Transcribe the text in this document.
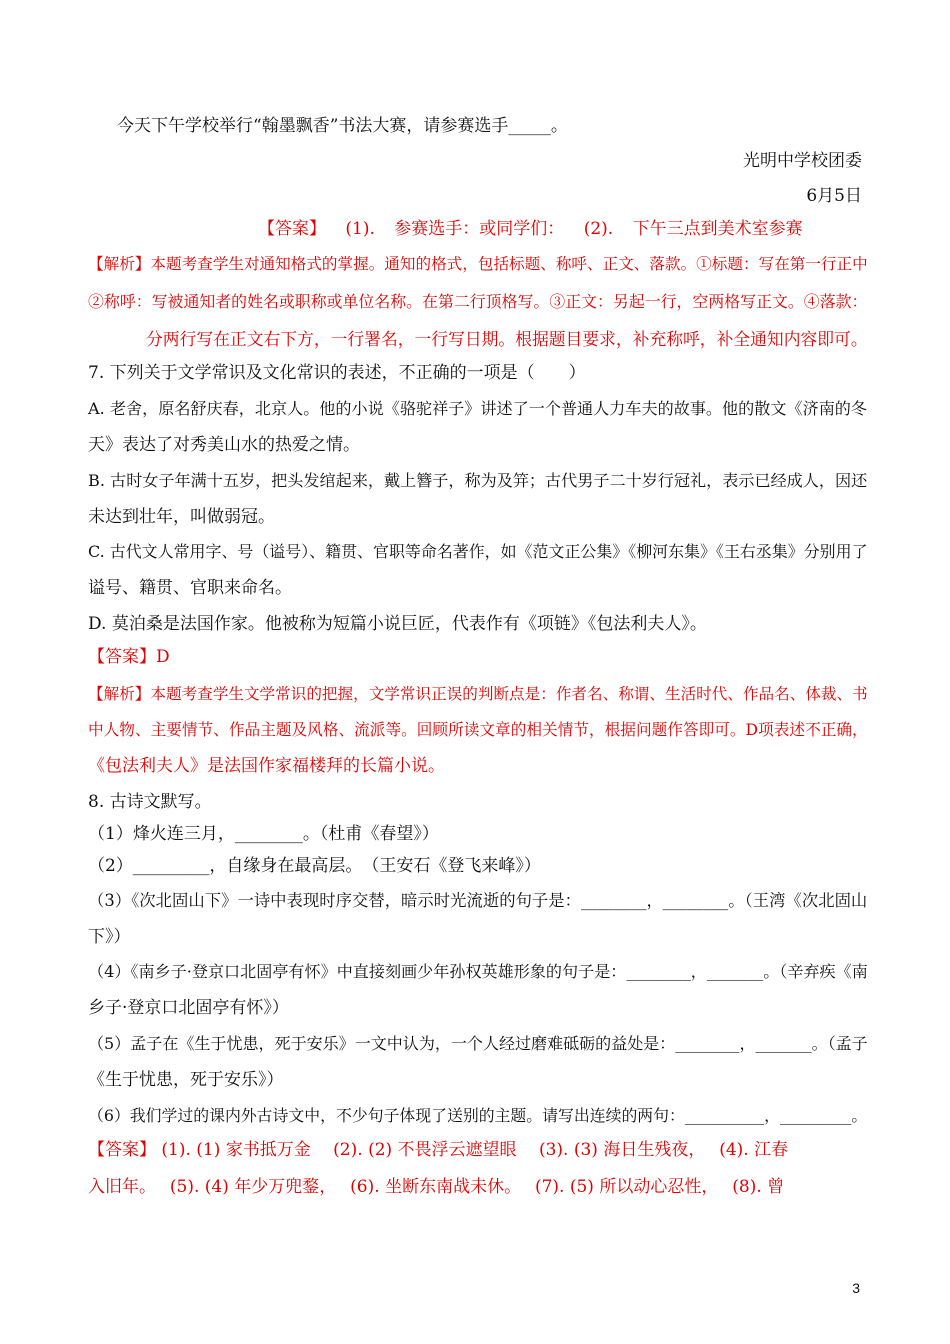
今天下午学校举行“翰墨飘香”书法大赛，请参赛选手_____。
光明中学校团委
6月5日
【答案】 (1). 参赛选手：或同学们： (2). 下午三点到美术室参赛
【解析】本题考查学生对通知格式的掌握。通知的格式，包括标题、称呼、正文、落款。①标题：写在第一行正中
②称呼：写被通知者的姓名或职称或单位名称。在第二行顶格写。③正文：另起一行，空两格写正文。④落款：
分两行写在正文右下方，一行署名，一行写日期。根据题目要求，补充称呼，补全通知内容即可。
7. 下列关于文学常识及文化常识的表述，不正确的一项是（　　）
A. 老舍，原名舒庆春，北京人。他的小说《骆驼祥子》讲述了一个普通人力车夫的故事。他的散文《济南的冬
天》表达了对秀美山水的热爱之情。
B. 古时女子年满十五岁，把头发绾起来，戴上簪子，称为及笄；古代男子二十岁行冠礼，表示已经成人，因还
未达到壮年，叫做弱冠。
C. 古代文人常用字、号（谥号）、籍贯、官职等命名著作，如《范文正公集》《柳河东集》《王右丞集》分别用了
谥号、籍贯、官职来命名。
D. 莫泊桑是法国作家。他被称为短篇小说巨匠，代表作有《项链》《包法利夫人》。
【答案】D
【解析】本题考查学生文学常识的把握，文学常识正误的判断点是：作者名、称谓、生活时代、作品名、体裁、书
中人物、主要情节、作品主题及风格、流派等。回顾所读文章的相关情节，根据问题作答即可。D项表述不正确，
《包法利夫人》是法国作家福楼拜的长篇小说。
8. 古诗文默写。
（1）烽火连三月，________。（杜甫《春望》）
（2）_________，自缘身在最高层。　（王安石《登飞来峰》）
（3）《次北固山下》一诗中表现时序交替，暗示时光流逝的句子是：________，________。（王湾《次北固山
下》）
（4）《南乡子·登京口北固亭有怀》中直接刻画少年孙权英雄形象的句子是：________，_______。（辛弃疾《南
乡子·登京口北固亭有怀》）
（5）孟子在《生于忧患，死于安乐》一文中认为，一个人经过磨难砥砺的益处是：________，_______。（孟子
《生于忧患，死于安乐》）
（6）我们学过的课内外古诗文中，不少句子体现了送别的主题。请写出连续的两句：__________，_________。
【答案】 (1). (1) 家书抵万金　 (2). (2) 不畏浮云遮望眼　 (3). (3) 海日生残夜，　 (4). 江春
入旧年。　 (5). (4) 年少万兜鍪，　 (6). 坐断东南战未休。　 (7). (5) 所以动心忍性，　 (8). 曾
3
